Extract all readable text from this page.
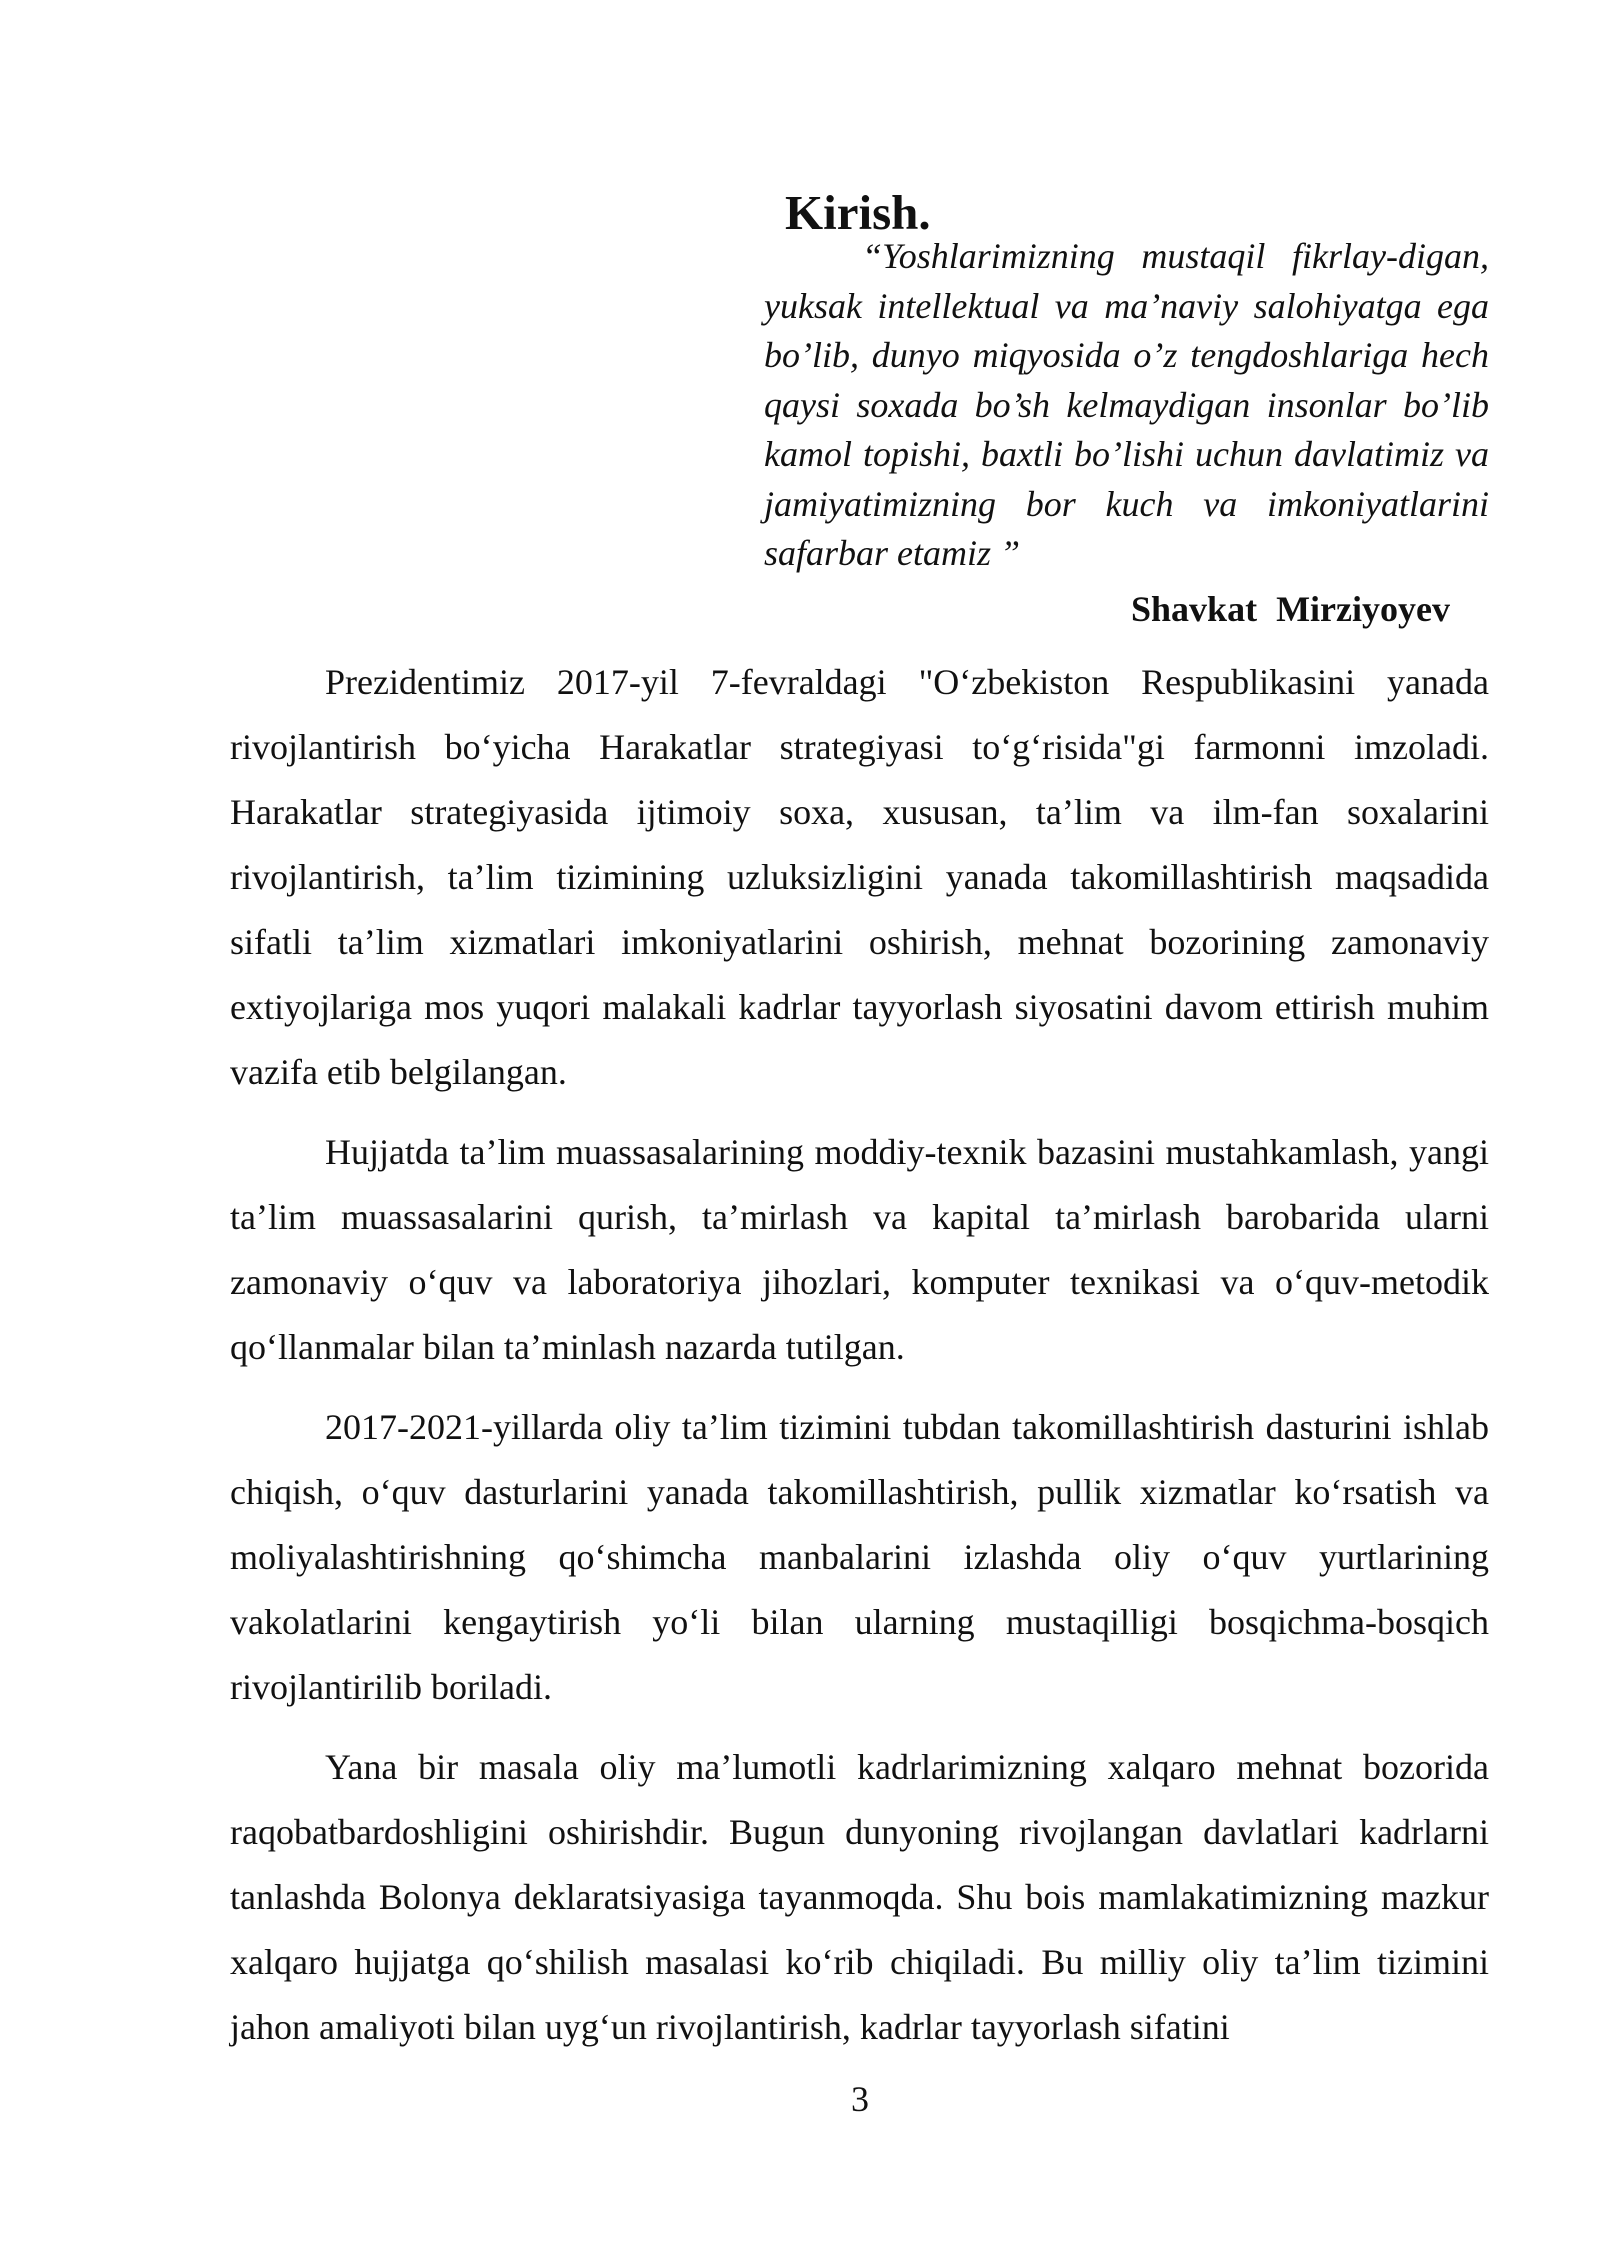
Kirish.
“Yoshlarimizning mustaqil fikrlay-digan, yuksak intellektual va ma’naviy salohiyatga ega bo’lib, dunyo miqyosida o’z tengdoshlariga hech qaysi soxada bo’sh kelmaydigan insonlar bo’lib kamol topishi, baxtli bo’lishi uchun davlatimiz va jamiyatimizning bor kuch va imkoniyatlarini safarbar etamiz ”
Shavkat Mirziyoyev

Prezidentimiz 2017-yil 7-fevraldagi "O‘zbekiston Respublikasini yanada rivojlantirish bo‘yicha Harakatlar strategiyasi to‘g‘risida"gi farmonni imzoladi. Harakatlar strategiyasida ijtimoiy soxa, xususan, ta’lim va ilm-fan soxalarini rivojlantirish, ta’lim tizimining uzluksizligini yanada takomillashtirish maqsadida sifatli ta’lim xizmatlari imkoniyatlarini oshirish, mehnat bozorining zamonaviy extiyojlariga mos yuqori malakali kadrlar tayyorlash siyosatini davom ettirish muhim vazifa etib belgilangan.

Hujjatda ta’lim muassasalarining moddiy-texnik bazasini mustahkamlash, yangi ta’lim muassasalarini qurish, ta’mirlash va kapital ta’mirlash barobarida ularni zamonaviy o‘quv va laboratoriya jihozlari, komputer texnikasi va o‘quv-metodik qo‘llanmalar bilan ta’minlash nazarda tutilgan.

2017-2021-yillarda oliy ta’lim tizimini tubdan takomillashtirish dasturini ishlab chiqish, o‘quv dasturlarini yanada takomillashtirish, pullik xizmatlar ko‘rsatish va moliyalashtirishning qo‘shimcha manbalarini izlashda oliy o‘quv yurtlarining vakolatlarini kengaytirish yo‘li bilan ularning mustaqilligi bosqichma-bosqich rivojlantirilib boriladi.

Yana bir masala oliy ma’lumotli kadrlarimizning xalqaro mehnat bozorida raqobatbardoshligini oshirishdir. Bugun dunyoning rivojlangan davlatlari kadrlarni tanlashda Bolonya deklaratsiyasiga tayanmoqda. Shu bois mamlakatimizning mazkur xalqaro hujjatga qo‘shilish masalasi ko‘rib chiqiladi. Bu milliy oliy ta’lim tizimini jahon amaliyoti bilan uyg‘un rivojlantirish, kadrlar tayyorlash sifatini

3
